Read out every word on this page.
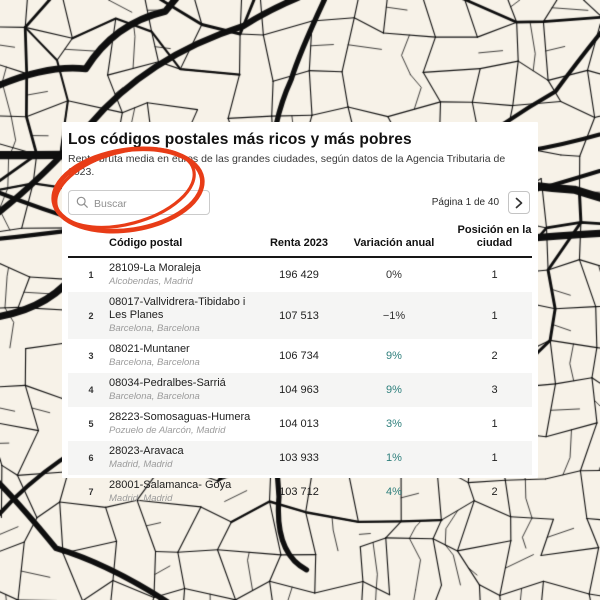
Los códigos postales más ricos y más pobres

Renta bruta media en euros de las grandes ciudades, según datos de la Agencia Tributaria de 2023.

Buscar
Página 1 de 40
Código postal	Renta 2023	Variación anual
Posición en la ciudad
1
28109-La Moraleja
Alcobendas, Madrid
196 429	0%	1
2
08017-Vallvidrera-Tibidabo i Les Planes
Barcelona, Barcelona
107 513	−1%	1
3
08021-Muntaner
Barcelona, Barcelona
106 734	9%	2
4
08034-Pedralbes-Sarriá
Barcelona, Barcelona
104 963	9%	3
5
28223-Somosaguas-Humera
Pozuelo de Alarcón, Madrid
104 013	3%	1
6
28023-Aravaca
Madrid, Madrid
103 933	1%	1
7
28001-Salamanca- Goya
Madrid, Madrid
103 712	4%	2
